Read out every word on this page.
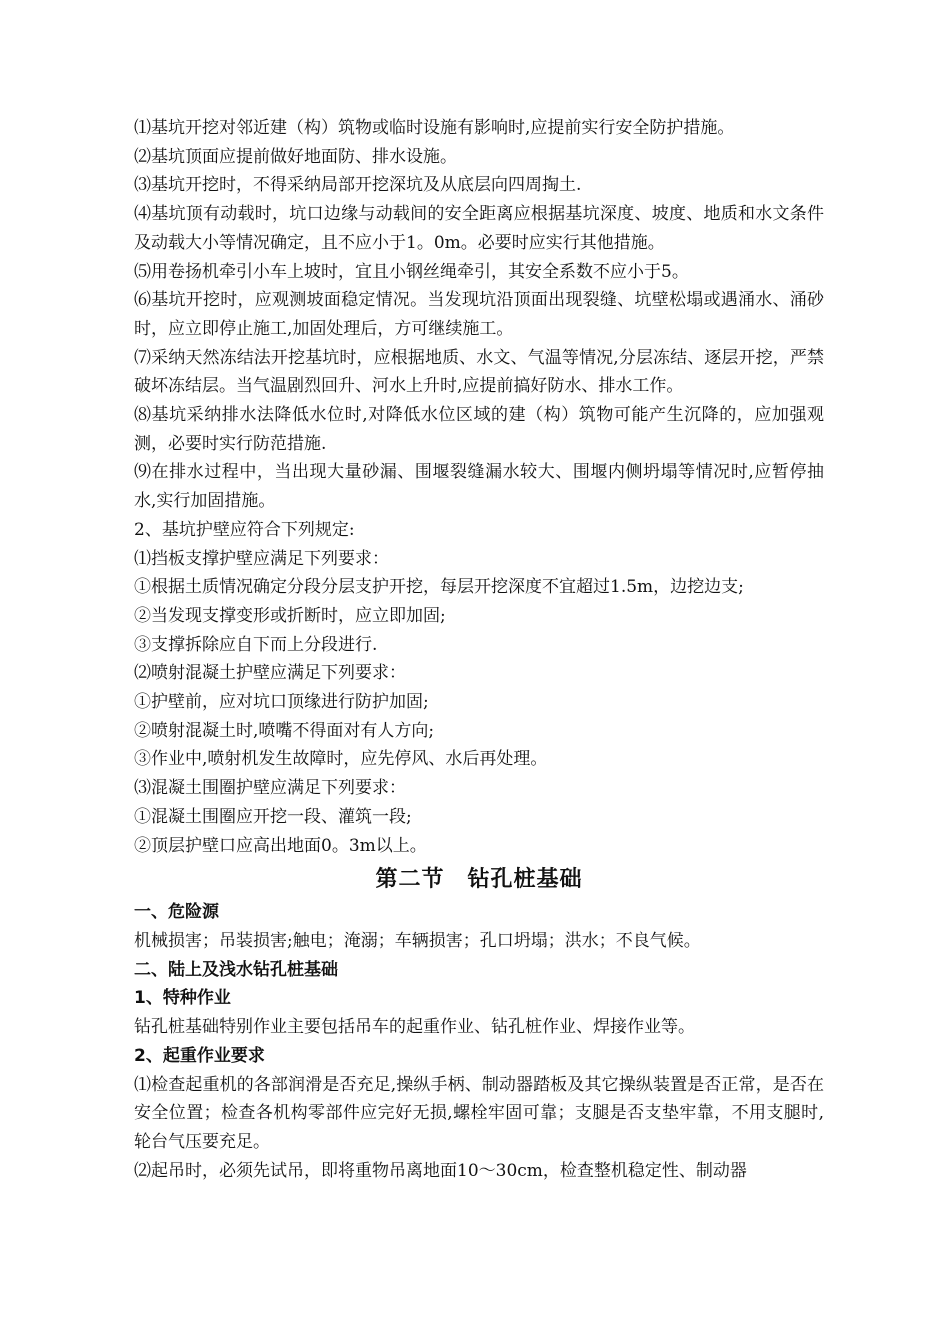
⑴基坑开挖对邻近建（构）筑物或临时设施有影响时,应提前实行安全防护措施。

⑵基坑顶面应提前做好地面防、排水设施。

⑶基坑开挖时，不得采纳局部开挖深坑及从底层向四周掏土.

⑷基坑顶有动载时，坑口边缘与动载间的安全距离应根据基坑深度、坡度、地质和水文条件及动载大小等情况确定，且不应小于1。0m。必要时应实行其他措施。

⑸用卷扬机牵引小车上坡时，宜且小钢丝绳牵引，其安全系数不应小于5。

⑹基坑开挖时，应观测坡面稳定情况。当发现坑沿顶面出现裂缝、坑壁松塌或遇涌水、涌砂时，应立即停止施工,加固处理后，方可继续施工。

⑺采纳天然冻结法开挖基坑时，应根据地质、水文、气温等情况,分层冻结、逐层开挖，严禁破坏冻结层。当气温剧烈回升、河水上升时,应提前搞好防水、排水工作。

⑻基坑采纳排水法降低水位时,对降低水位区域的建（构）筑物可能产生沉降的，应加强观测，必要时实行防范措施.

⑼在排水过程中，当出现大量砂漏、围堰裂缝漏水较大、围堰内侧坍塌等情况时,应暂停抽水,实行加固措施。

2、基坑护壁应符合下列规定:

⑴挡板支撑护壁应满足下列要求：

①根据土质情况确定分段分层支护开挖，每层开挖深度不宜超过1.5m，边挖边支;

②当发现支撑变形或折断时，应立即加固;

③支撑拆除应自下而上分段进行.

⑵喷射混凝土护壁应满足下列要求：

①护壁前，应对坑口顶缘进行防护加固;

②喷射混凝土时,喷嘴不得面对有人方向;

③作业中,喷射机发生故障时，应先停风、水后再处理。

⑶混凝土围圈护壁应满足下列要求：

①混凝土围圈应开挖一段、灌筑一段;

②顶层护壁口应高出地面0。3m以上。

第二节　钻孔桩基础

一、危险源

机械损害；吊装损害;触电；淹溺；车辆损害；孔口坍塌；洪水；不良气候。

二、陆上及浅水钻孔桩基础

1、特种作业

钻孔桩基础特别作业主要包括吊车的起重作业、钻孔桩作业、焊接作业等。

2、起重作业要求

⑴检查起重机的各部润滑是否充足,操纵手柄、制动器踏板及其它操纵装置是否正常，是否在安全位置；检查各机构零部件应完好无损,螺栓牢固可靠；支腿是否支垫牢靠，不用支腿时,轮台气压要充足。

⑵起吊时，必须先试吊，即将重物吊离地面10～30cm，检查整机稳定性、制动器
